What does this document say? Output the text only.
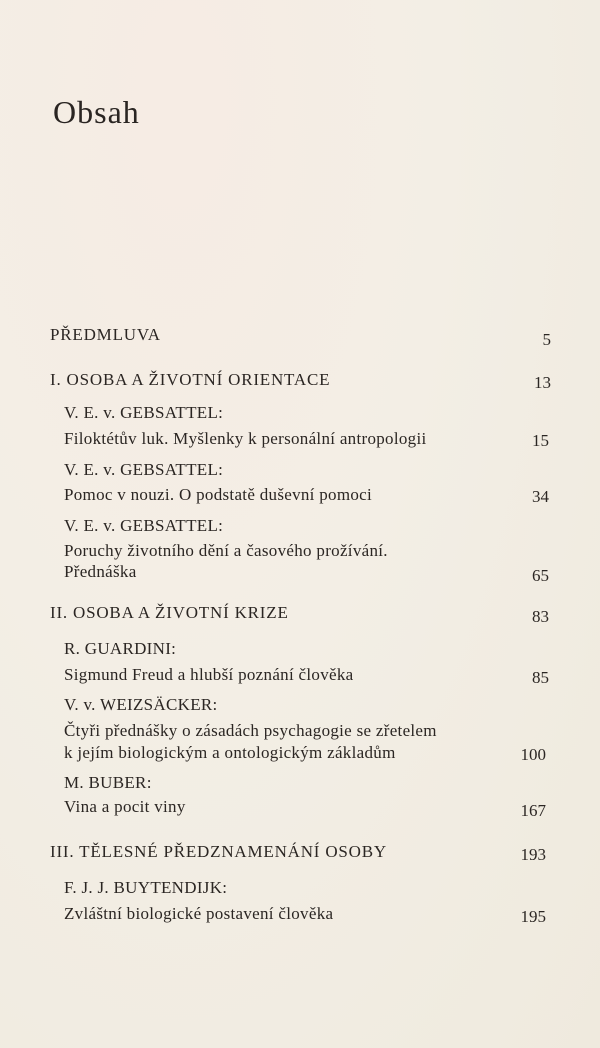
Obsah
PŘEDMLUVA	5
I. OSOBA A ŽIVOTNÍ ORIENTACE	13
V. E. v. GEBSATTEL:
Filoktétův luk. Myšlenky k personální antropologii	15
V. E. v. GEBSATTEL:
Pomoc v nouzi. O podstatě duševní pomoci	34
V. E. v. GEBSATTEL:
Poruchy životního dění a časového prožívání.
Přednáška	65
II. OSOBA A ŽIVOTNÍ KRIZE	83
R. GUARDINI:
Sigmund Freud a hlubší poznání člověka	85
V. v. WEIZSÄCKER:
Čtyři přednášky o zásadách psychagogie se zřetelem
k jejím biologickým a ontologickým základům	100
M. BUBER:
Vina a pocit viny	167
III. TĚLESNÉ PŘEDZNAMENÁNÍ OSOBY	193
F. J. J. BUYTENDIJK:
Zvláštní biologické postavení člověka	195
